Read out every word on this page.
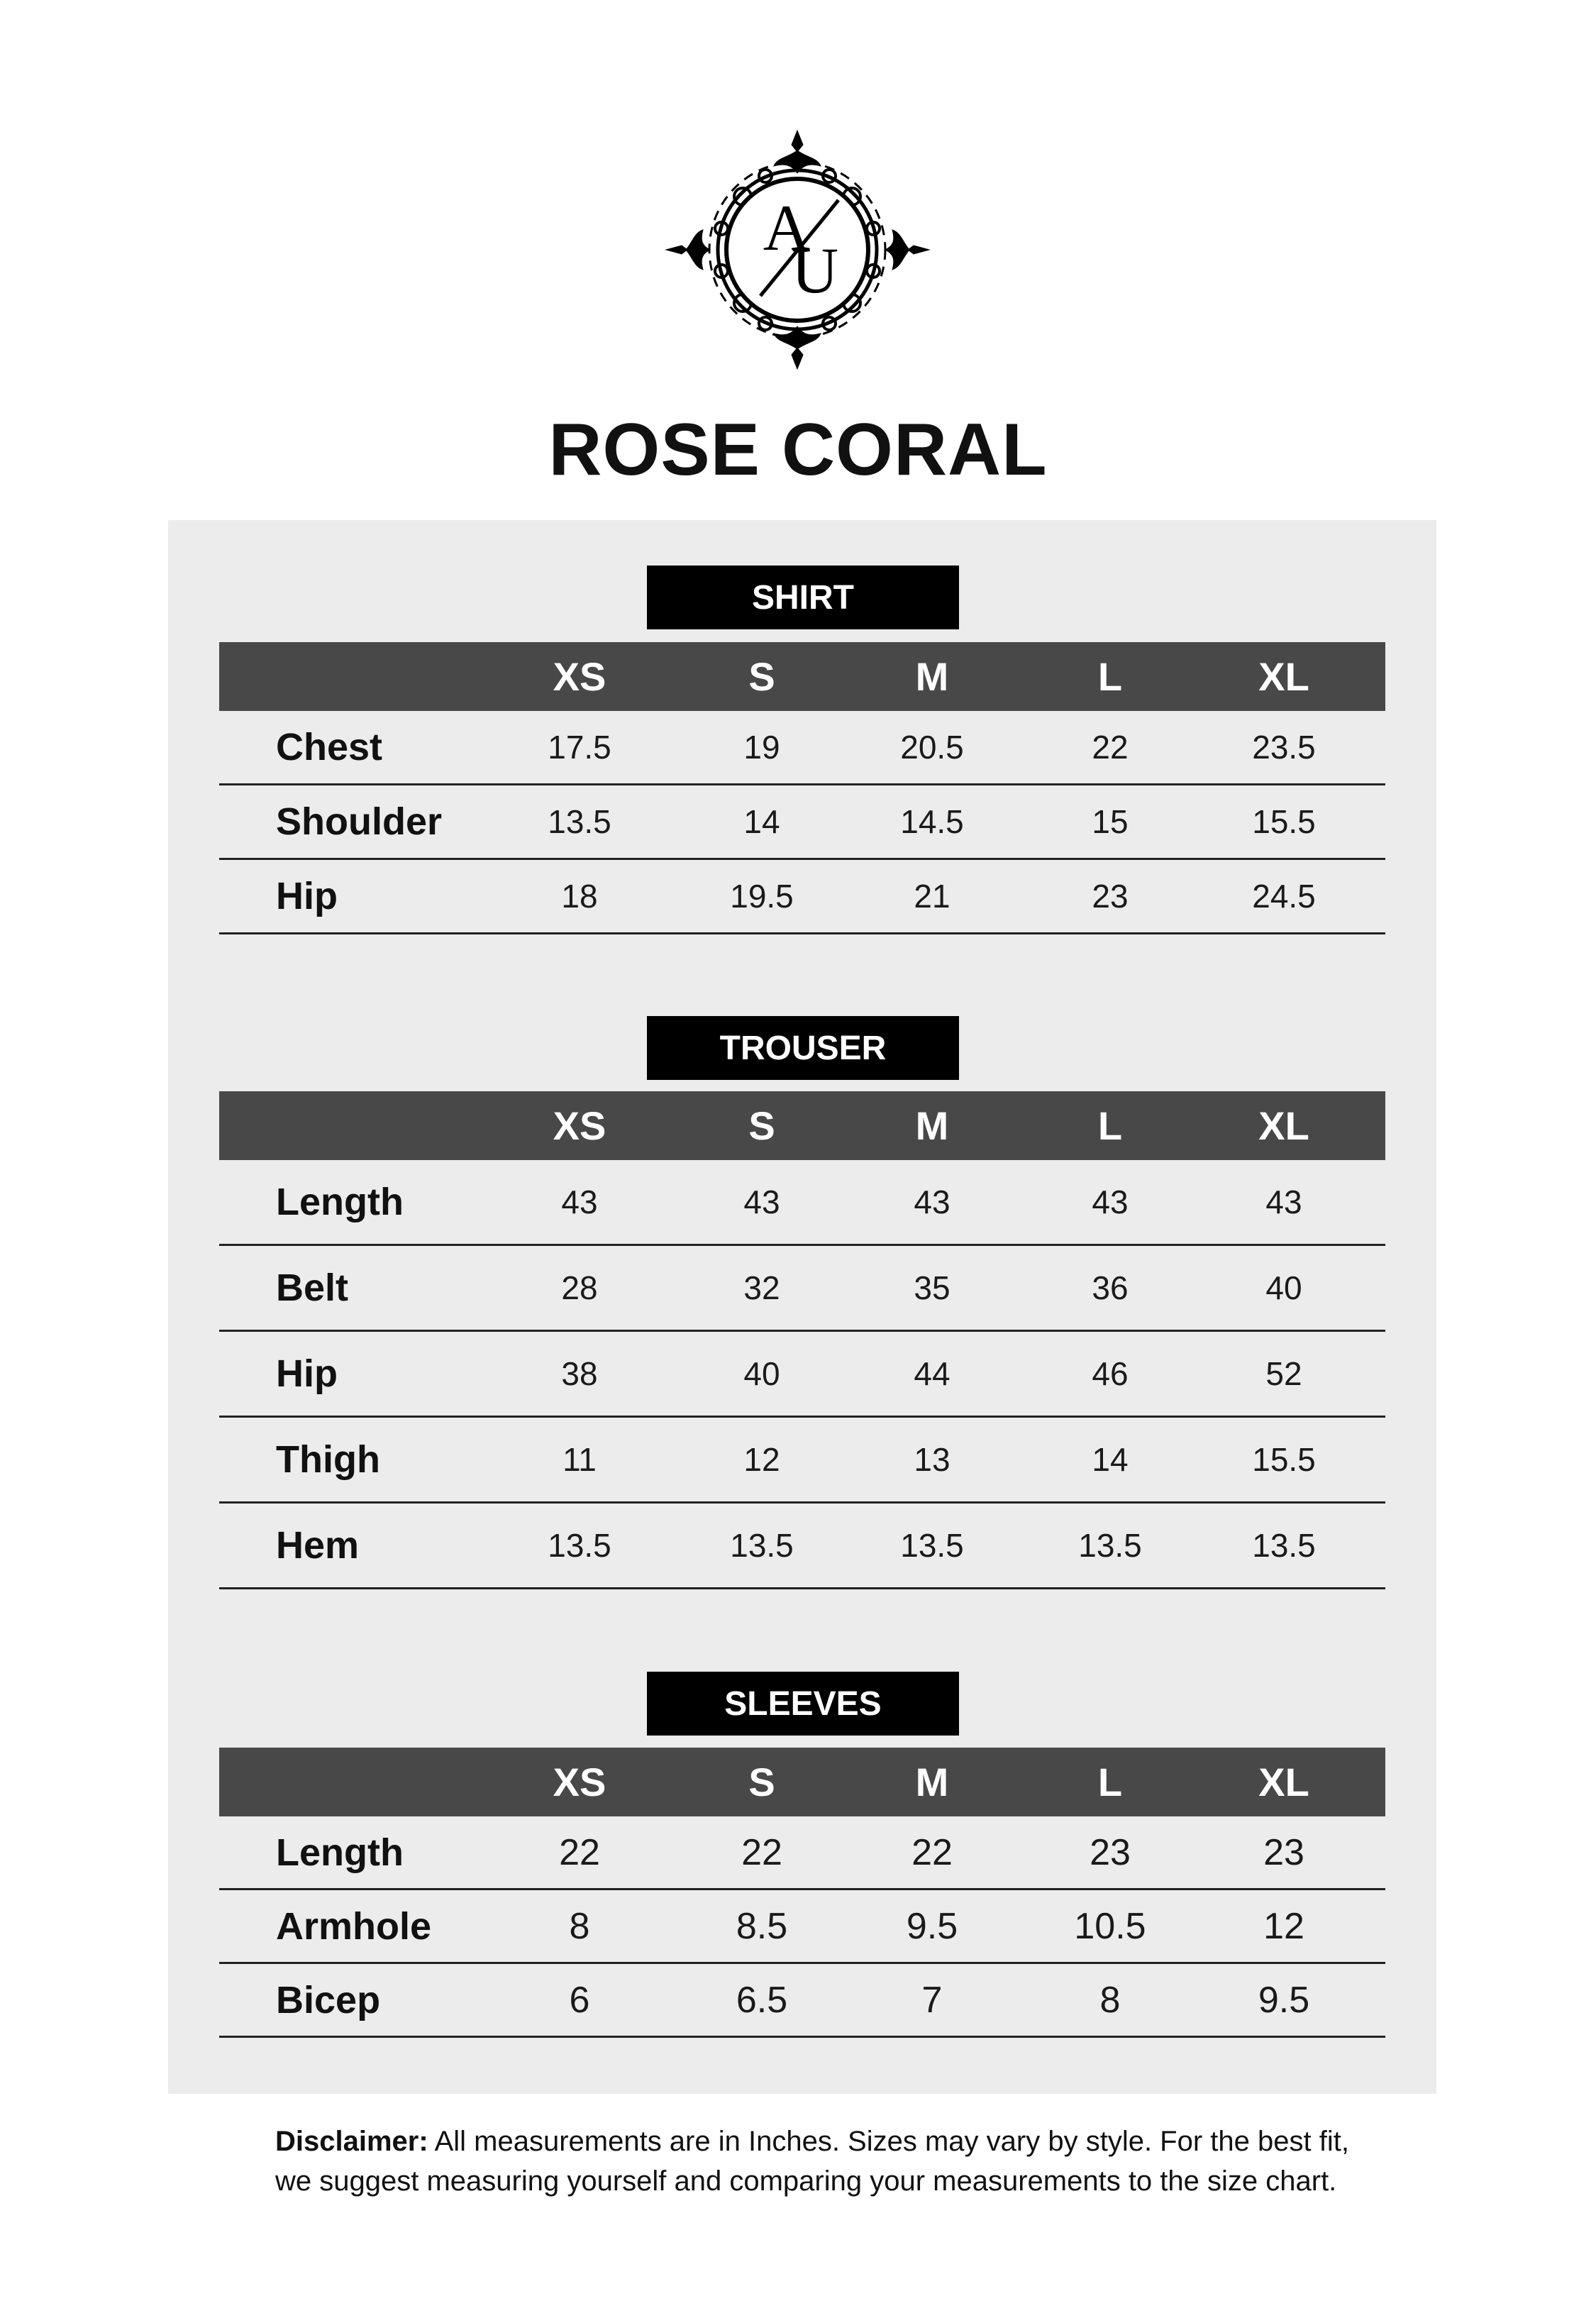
A
U
ROSE CORAL
SHIRT
XS	S	M	L	XL
Chest	17.5	19	20.5	22	23.5
Shoulder	13.5	14	14.5	15	15.5
Hip	18	19.5	21	23	24.5
TROUSER
XS	S	M	L	XL
Length	43	43	43	43	43
Belt	28	32	35	36	40
Hip	38	40	44	46	52
Thigh	11	12	13	14	15.5
Hem	13.5	13.5	13.5	13.5	13.5
SLEEVES
XS	S	M	L	XL
Length	22	22	22	23	23
Armhole	8	8.5	9.5	10.5	12
Bicep	6	6.5	7	8	9.5
Disclaimer: All measurements are in Inches. Sizes may vary by style. For the best fit, we suggest measuring yourself and comparing your measurements to the size chart.
